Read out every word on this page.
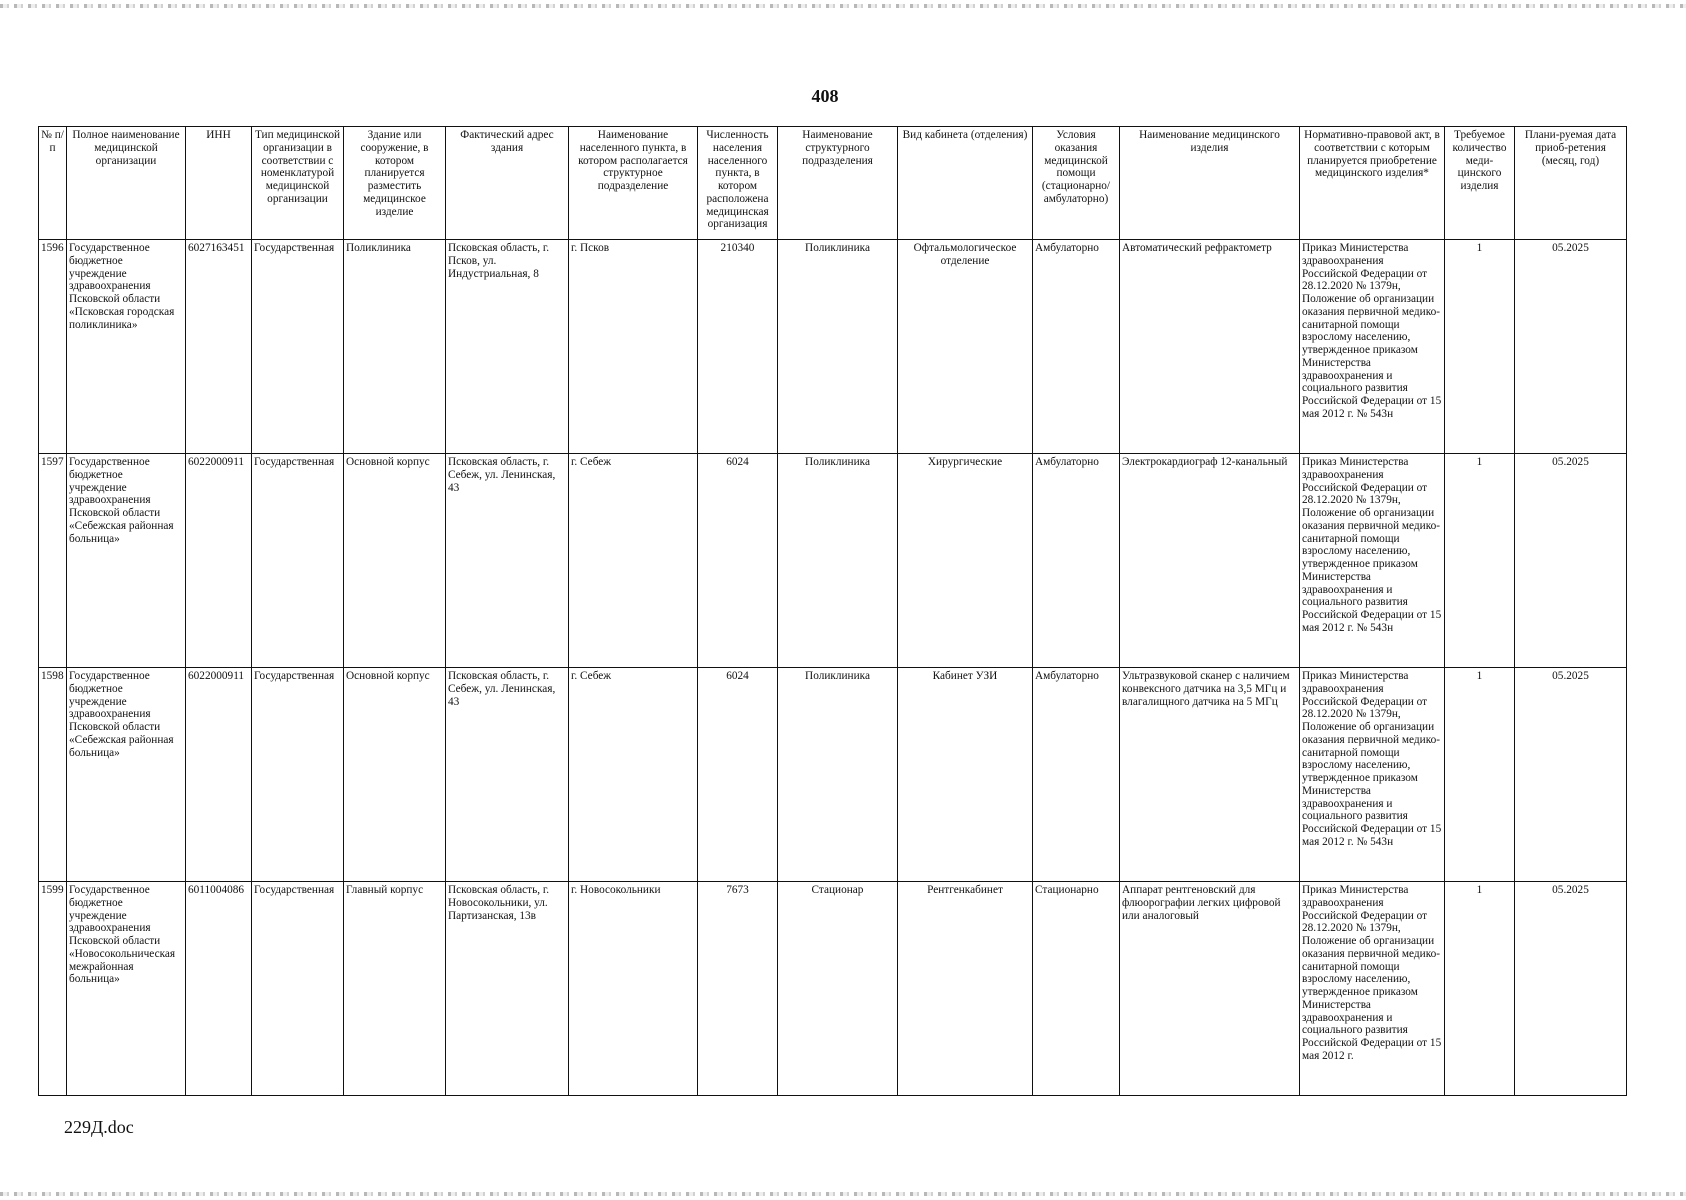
408
№ п/п	Полное наименование медицинской организации	ИНН	Тип медицинской организации в соответствии с номенклатурой медицинской организации	Здание или сооружение, в котором планируется разместить медицинское изделие	Фактический адрес здания	Наименование населенного пункта, в котором располагается структурное подразделение	Численность населения населенного пункта, в котором расположена медицинская организация	Наименование структурного подразделения	Вид кабинета (отделения)	Условия оказания медицинской помощи (стационарно/ амбулаторно)	Наименование медицинского изделия	Нормативно-правовой акт, в соответствии с которым планируется приобретение медицинского изделия*	Требуемое количество меди-цинского изделия	Плани-руемая дата приоб-ретения (месяц, год)
1596	Государственное бюджетное учреждение здравоохранения Псковской области «Псковская городская поликлиника»	6027163451	Государственная	Поликлиника	Псковская область, г. Псков, ул. Индустриальная, 8	г. Псков	210340	Поликлиника	Офтальмологическое отделение	Амбулаторно	Автоматический рефрактометр	Приказ Министерства здравоохранения Российской Федерации от 28.12.2020 № 1379н, Положение об организации оказания первичной медико-санитарной помощи взрослому населению, утвержденное приказом Министерства здравоохранения и социального развития Российской Федерации от 15 мая 2012 г. № 543н	1	05.2025
1597	Государственное бюджетное учреждение здравоохранения Псковской области «Себежская районная больница»	6022000911	Государственная	Основной корпус	Псковская область, г. Себеж, ул. Ленинская, 43	г. Себеж	6024	Поликлиника	Хирургические	Амбулаторно	Электрокардиограф 12-канальный	Приказ Министерства здравоохранения Российской Федерации от 28.12.2020 № 1379н, Положение об организации оказания первичной медико-санитарной помощи взрослому населению, утвержденное приказом Министерства здравоохранения и социального развития Российской Федерации от 15 мая 2012 г. № 543н	1	05.2025
1598	Государственное бюджетное учреждение здравоохранения Псковской области «Себежская районная больница»	6022000911	Государственная	Основной корпус	Псковская область, г. Себеж, ул. Ленинская, 43	г. Себеж	6024	Поликлиника	Кабинет УЗИ	Амбулаторно	Ультразвуковой сканер с наличием конвексного датчика на 3,5 МГц и влагалищного датчика на 5 МГц	Приказ Министерства здравоохранения Российской Федерации от 28.12.2020 № 1379н, Положение об организации оказания первичной медико-санитарной помощи взрослому населению, утвержденное приказом Министерства здравоохранения и социального развития Российской Федерации от 15 мая 2012 г. № 543н	1	05.2025
1599	Государственное бюджетное учреждение здравоохранения Псковской области «Новосокольническая межрайонная больница»	6011004086	Государственная	Главный корпус	Псковская область, г. Новосокольники, ул. Партизанская, 13в	г. Новосокольники	7673	Стационар	Рентгенкабинет	Стационарно	Аппарат рентгеновский для флюорографии легких цифровой или аналоговый	Приказ Министерства здравоохранения Российской Федерации от 28.12.2020 № 1379н, Положение об организации оказания первичной медико-санитарной помощи взрослому населению, утвержденное приказом Министерства здравоохранения и социального развития Российской Федерации от 15 мая 2012 г.	1	05.2025
229Д.doc
